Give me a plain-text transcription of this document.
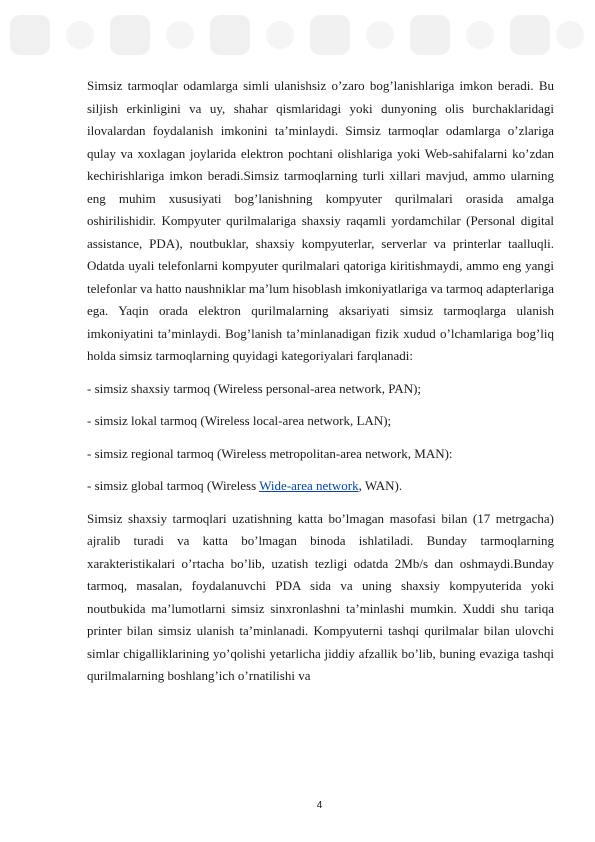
Simsiz tarmoqlar odamlarga simli ulanishsiz o’zaro bog’lanishlariga imkon beradi. Bu siljish erkinligini va uy, shahar qismlaridagi yoki dunyoning olis burchaklaridagi ilovalardan foydalanish imkonini ta’minlaydi. Simsiz tarmoqlar odamlarga o’zlariga qulay va xoxlagan joylarida elektron pochtani olishlariga yoki Web-sahifalarni ko’zdan kechirishlariga imkon beradi.Simsiz tarmoqlarning turli xillari mavjud, ammo ularning eng muhim xususiyati bog’lanishning kompyuter qurilmalari orasida amalga oshirilishidir. Kompyuter qurilmalariga shaxsiy raqamli yordamchilar (Personal digital assistance, PDA), noutbuklar, shaxsiy kompyuterlar, serverlar va printerlar taalluqli. Odatda uyali telefonlarni kompyuter qurilmalari qatoriga kiritishmaydi, ammo eng yangi telefonlar va hatto naushniklar ma’lum hisoblash imkoniyatlariga va tarmoq adapterlariga ega. Yaqin orada elektron qurilmalarning aksariyati simsiz tarmoqlarga ulanish imkoniyatini ta’minlaydi. Bog’lanish ta’minlanadigan fizik xudud o’lchamlariga bog’liq holda simsiz tarmoqlarning quyidagi kategoriyalari farqlanadi:

- simsiz shaxsiy tarmoq (Wireless personal-area network, PAN);

- simsiz lokal tarmoq (Wireless local-area network, LAN);

- simsiz regional tarmoq (Wireless metropolitan-area network, MAN):

- simsiz global tarmoq (Wireless Wide-area network, WAN).

Simsiz shaxsiy tarmoqlari uzatishning katta bo’lmagan masofasi bilan (17 metrgacha) ajralib turadi va katta bo’lmagan binoda ishlatiladi. Bunday tarmoqlarning xarakteristikalari o’rtacha bo’lib, uzatish tezligi odatda 2Mb/s dan oshmaydi.Bunday tarmoq, masalan, foydalanuvchi PDA sida va uning shaxsiy kompyuterida yoki noutbukida ma’lumotlarni simsiz sinxronlashni ta’minlashi mumkin. Xuddi shu tariqa printer bilan simsiz ulanish ta’minlanadi. Kompyuterni tashqi qurilmalar bilan ulovchi simlar chigalliklarining yo’qolishi yetarlicha jiddiy afzallik bo’lib, buning evaziga tashqi qurilmalarning boshlang’ich o’rnatilishi va

4
